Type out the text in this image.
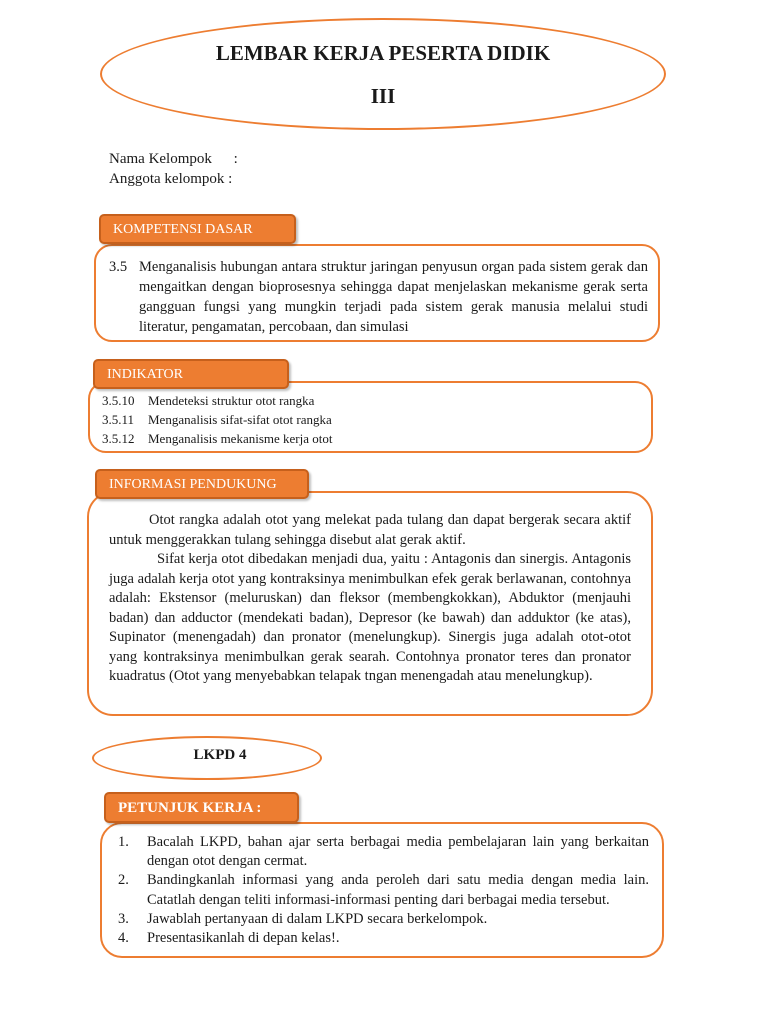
LEMBAR KERJA PESERTA DIDIK
III
Nama Kelompok :
Anggota kelompok :
KOMPETENSI DASAR
3.5 Menganalisis hubungan antara struktur jaringan penyusun organ pada sistem gerak dan mengaitkan dengan bioprosesnya sehingga dapat menjelaskan mekanisme gerak serta gangguan fungsi yang mungkin terjadi pada sistem gerak manusia melalui studi literatur, pengamatan, percobaan, dan simulasi
INDIKATOR
3.5.10 Mendeteksi struktur otot rangka
3.5.11 Menganalisis sifat-sifat otot rangka
3.5.12 Menganalisis mekanisme kerja otot
INFORMASI PENDUKUNG

Otot rangka adalah otot yang melekat pada tulang dan dapat bergerak secara aktif untuk menggerakkan tulang sehingga disebut alat gerak aktif.

Sifat kerja otot dibedakan menjadi dua, yaitu : Antagonis dan sinergis. Antagonis juga adalah kerja otot yang kontraksinya menimbulkan efek gerak berlawanan, contohnya adalah: Ekstensor (meluruskan) dan fleksor (membengkokkan), Abduktor (menjauhi badan) dan adductor (mendekati badan), Depresor (ke bawah) dan adduktor (ke atas), Supinator (menengadah) dan pronator (menelungkup). Sinergis juga adalah otot-otot yang kontraksinya menimbulkan gerak searah. Contohnya pronator teres dan pronator kuadratus (Otot yang menyebabkan telapak tngan menengadah atau menelungkup).

LKPD 4
PETUNJUK KERJA :
1. Bacalah LKPD, bahan ajar serta berbagai media pembelajaran lain yang berkaitan dengan otot dengan cermat.
2. Bandingkanlah informasi yang anda peroleh dari satu media dengan media lain. Catatlah dengan teliti informasi-informasi penting dari berbagai media tersebut.
3. Jawablah pertanyaan di dalam LKPD secara berkelompok.
4. Presentasikanlah di depan kelas!.
